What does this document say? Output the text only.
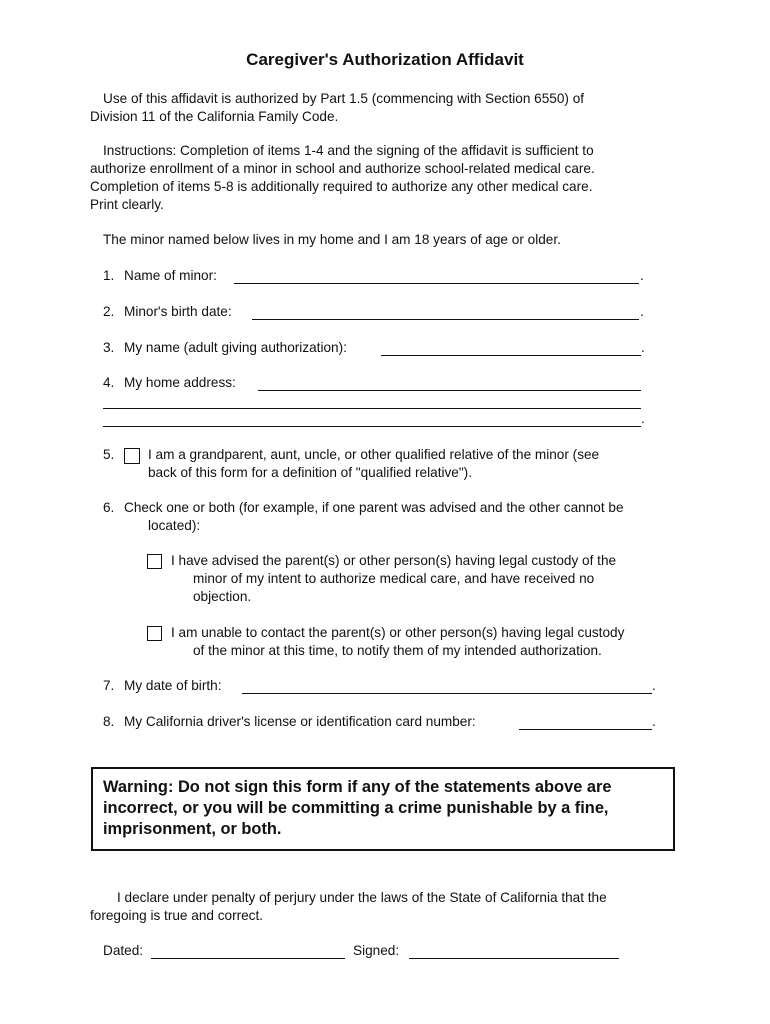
Caregiver's Authorization Affidavit
Use of this affidavit is authorized by Part 1.5 (commencing with Section 6550) of
Division 11 of the California Family Code.
Instructions: Completion of items 1-4 and the signing of the affidavit is sufficient to
authorize enrollment of a minor in school and authorize school-related medical care.
Completion of items 5-8 is additionally required to authorize any other medical care.
Print clearly.
The minor named below lives in my home and I am 18 years of age or older.
1. Name of minor:	.
2. Minor's birth date:	.
3. My name (adult giving authorization):	.
4. My home address:
.
5. I am a grandparent, aunt, uncle, or other qualified relative of the minor (see
back of this form for a definition of "qualified relative").
6. Check one or both (for example, if one parent was advised and the other cannot be
located):
I have advised the parent(s) or other person(s) having legal custody of the
minor of my intent to authorize medical care, and have received no
objection.
I am unable to contact the parent(s) or other person(s) having legal custody
of the minor at this time, to notify them of my intended authorization.
7. My date of birth:	.
8. My California driver's license or identification card number:	.
Warning: Do not sign this form if any of the statements above are incorrect, or you will be committing a crime punishable by a fine, imprisonment, or both.
I declare under penalty of perjury under the laws of the State of California that the
foregoing is true and correct.
Dated:	Signed:
